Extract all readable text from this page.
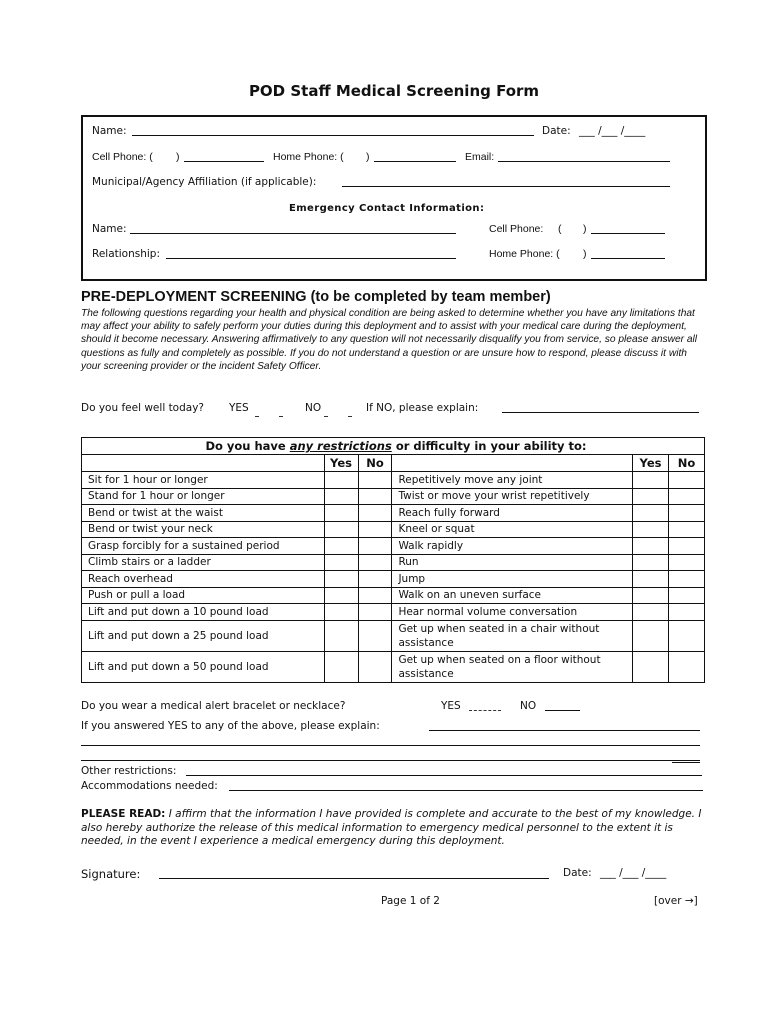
POD Staff Medical Screening Form
Name:	Date: ___ /___ /____
Cell Phone: ( )	Home Phone: ( )	Email:
Municipal/Agency Affiliation (if applicable):
Emergency Contact Information:
Name:	Cell Phone: ( )
Relationship:	Home Phone: ( )
PRE-DEPLOYMENT SCREENING (to be completed by team member)
The following questions regarding your health and physical condition are being asked to determine whether you have any limitations that may affect your ability to safely perform your duties during this deployment and to assist with your medical care during the deployment, should it become necessary. Answering affirmatively to any question will not necessarily disqualify you from service, so please answer all questions as fully and completely as possible. If you do not understand a question or are unsure how to respond, please discuss it with your screening provider or the incident Safety Officer.
Do you feel well today? YES	NO	If NO, please explain:
Do you have any restrictions or difficulty in your ability to:					
	Yes	No		Yes	No
Sit for 1 hour or longer			Repetitively move any joint		
Stand for 1 hour or longer			Twist or move your wrist repetitively		
Bend or twist at the waist			Reach fully forward		
Bend or twist your neck			Kneel or squat		
Grasp forcibly for a sustained period			Walk rapidly		
Climb stairs or a ladder			Run		
Reach overhead			Jump		
Push or pull a load			Walk on an uneven surface		
Lift and put down a 10 pound load			Hear normal volume conversation		
Lift and put down a 25 pound load			Get up when seated in a chair without assistance		
Lift and put down a 50 pound load			Get up when seated on a floor without assistance		
Do you wear a medical alert bracelet or necklace?	YES	NO
If you answered YES to any of the above, please explain:
Other restrictions:
Accommodations needed:
PLEASE READ: I affirm that the information I have provided is complete and accurate to the best of my knowledge. I also hereby authorize the release of this medical information to emergency medical personnel to the extent it is needed, in the event I experience a medical emergency during this deployment.
Signature:	Date: ___ /___ /____
Page 1 of 2	[over →]
